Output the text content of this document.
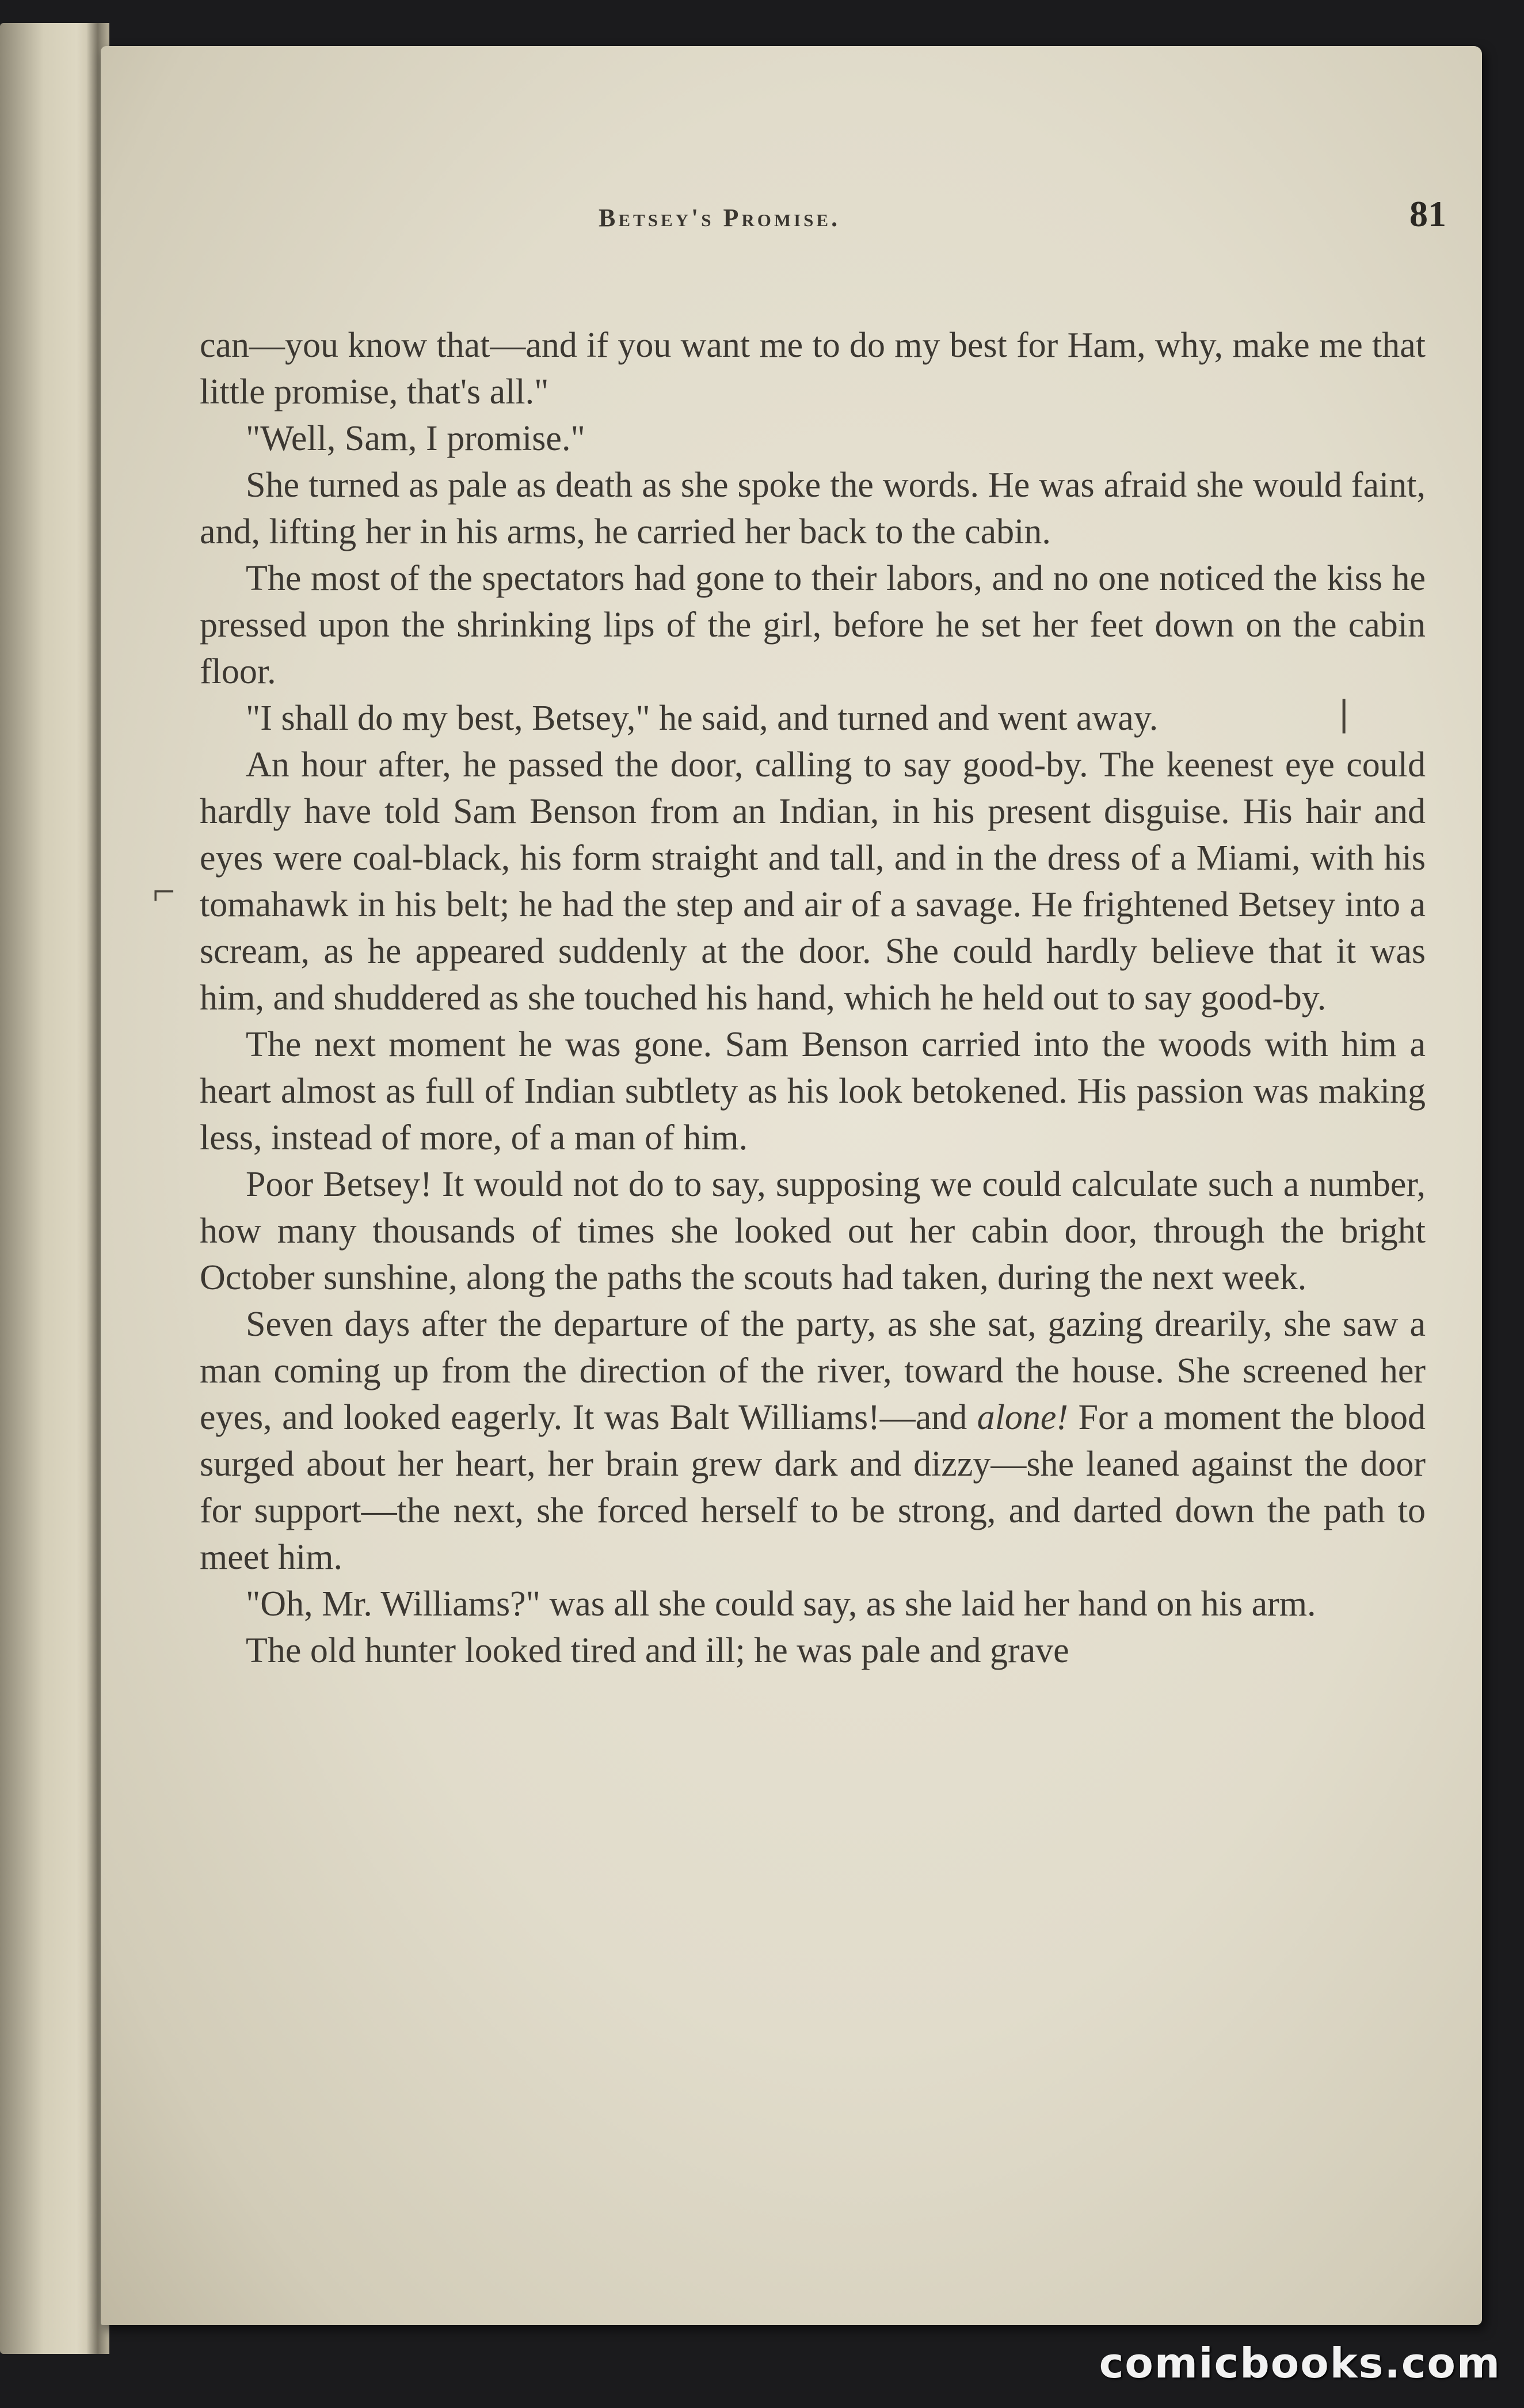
Betsey's Promise.	81

can—you know that—and if you want me to do my best for Ham, why, make me that little promise, that's all."

"Well, Sam, I promise."

She turned as pale as death as she spoke the words. He was afraid she would faint, and, lifting her in his arms, he carried her back to the cabin.

The most of the spectators had gone to their labors, and no one noticed the kiss he pressed upon the shrinking lips of the girl, before he set her feet down on the cabin floor.

"I shall do my best, Betsey," he said, and turned and went away.

An hour after, he passed the door, calling to say good-by. The keenest eye could hardly have told Sam Benson from an Indian, in his present disguise. His hair and eyes were coal-black, his form straight and tall, and in the dress of a Miami, with his tomahawk in his belt; he had the step and air of a savage. He frightened Betsey into a scream, as he appeared suddenly at the door. She could hardly believe that it was him, and shuddered as she touched his hand, which he held out to say good-by.

The next moment he was gone. Sam Benson carried into the woods with him a heart almost as full of Indian subtlety as his look betokened. His passion was making less, instead of more, of a man of him.

Poor Betsey! It would not do to say, supposing we could calculate such a number, how many thousands of times she looked out her cabin door, through the bright October sunshine, along the paths the scouts had taken, during the next week.

Seven days after the departure of the party, as she sat, gazing drearily, she saw a man coming up from the direction of the river, toward the house. She screened her eyes, and looked eagerly. It was Balt Williams!—and alone! For a moment the blood surged about her heart, her brain grew dark and dizzy—she leaned against the door for support—the next, she forced herself to be strong, and darted down the path to meet him.

"Oh, Mr. Williams?" was all she could say, as she laid her hand on his arm.

The old hunter looked tired and ill; he was pale and grave

⌐
❘
comicbooks.com
